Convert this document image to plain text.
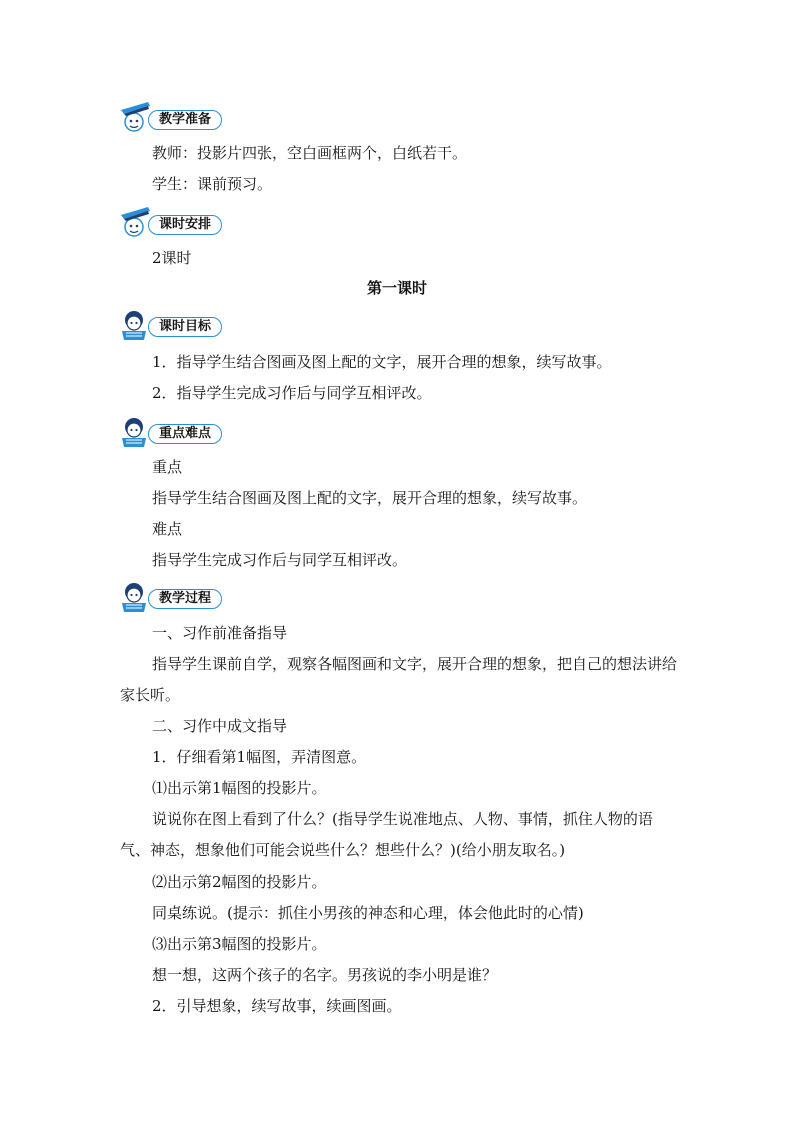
教学准备
教师：投影片四张，空白画框两个，白纸若干。
学生：课前预习。
课时安排
2课时
第一课时
课时目标
1．指导学生结合图画及图上配的文字，展开合理的想象，续写故事。
2．指导学生完成习作后与同学互相评改。
重点难点
重点
指导学生结合图画及图上配的文字，展开合理的想象，续写故事。
难点
指导学生完成习作后与同学互相评改。
教学过程
一、习作前准备指导
指导学生课前自学，观察各幅图画和文字，展开合理的想象，把自己的想法讲给家长听。
二、习作中成文指导
1．仔细看第1幅图，弄清图意。
⑴出示第1幅图的投影片。
说说你在图上看到了什么？(指导学生说准地点、人物、事情，抓住人物的语气、神态，想象他们可能会说些什么？想些什么？)(给小朋友取名。)
⑵出示第2幅图的投影片。
同桌练说。(提示：抓住小男孩的神态和心理，体会他此时的心情)
⑶出示第3幅图的投影片。
想一想，这两个孩子的名字。男孩说的李小明是谁？
2．引导想象，续写故事，续画图画。
